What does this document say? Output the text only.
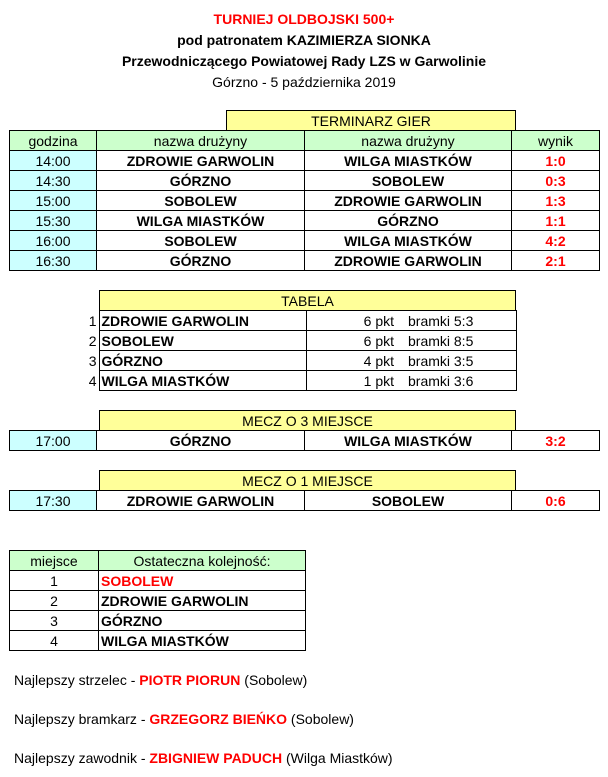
TURNIEJ OLDBOJSKI 500+
pod patronatem KAZIMIERZA SIONKA
Przewodniczącego Powiatowej Rady LZS w Garwolinie
Górzno - 5 października 2019
TERMINARZ GIER
godzina	nazwa drużyny	nazwa drużyny	wynik
14:00	ZDROWIE GARWOLIN	WILGA MIASTKÓW	1:0
14:30	GÓRZNO	SOBOLEW	0:3
15:00	SOBOLEW	ZDROWIE GARWOLIN	1:3
15:30	WILGA MIASTKÓW	GÓRZNO	1:1
16:00	SOBOLEW	WILGA MIASTKÓW	4:2
16:30	GÓRZNO	ZDROWIE GARWOLIN	2:1
TABELA
1	ZDROWIE GARWOLIN	6 pkt	bramki 5:3
2	SOBOLEW	6 pkt	bramki 8:5
3	GÓRZNO	4 pkt	bramki 3:5
4	WILGA MIASTKÓW	1 pkt	bramki 3:6
MECZ O 3 MIEJSCE
17:00	GÓRZNO	WILGA MIASTKÓW	3:2
MECZ O 1 MIEJSCE
17:30	ZDROWIE GARWOLIN	SOBOLEW	0:6
miejsce	Ostateczna kolejność:
1	SOBOLEW
2	ZDROWIE GARWOLIN
3	GÓRZNO
4	WILGA MIASTKÓW
Najlepszy strzelec - PIOTR PIORUN (Sobolew)
Najlepszy bramkarz - GRZEGORZ BIEŃKO (Sobolew)
Najlepszy zawodnik - ZBIGNIEW PADUCH (Wilga Miastków)
